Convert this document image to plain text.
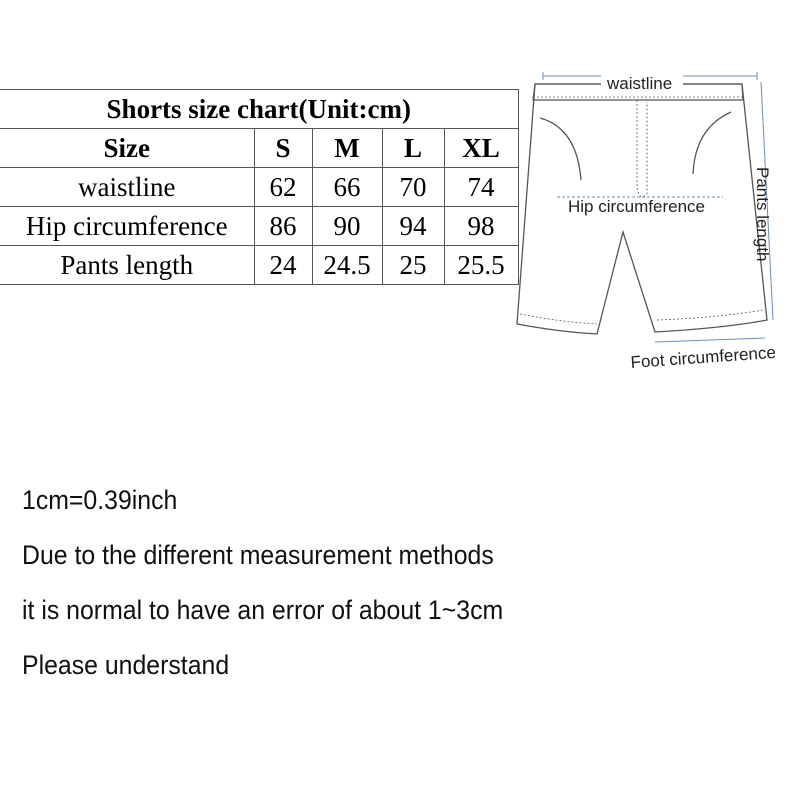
Shorts size chart(Unit:cm)				
Size	S	M	L	XL
waistline	62	66	70	74
Hip circumference	86	90	94	98
Pants length	24	24.5	25	25.5
waistline
Hip circumference	Pants length
Foot circumference
1cm=0.39inch
Due to the different measurement methods
it is normal to have an error of about 1~3cm
Please understand
